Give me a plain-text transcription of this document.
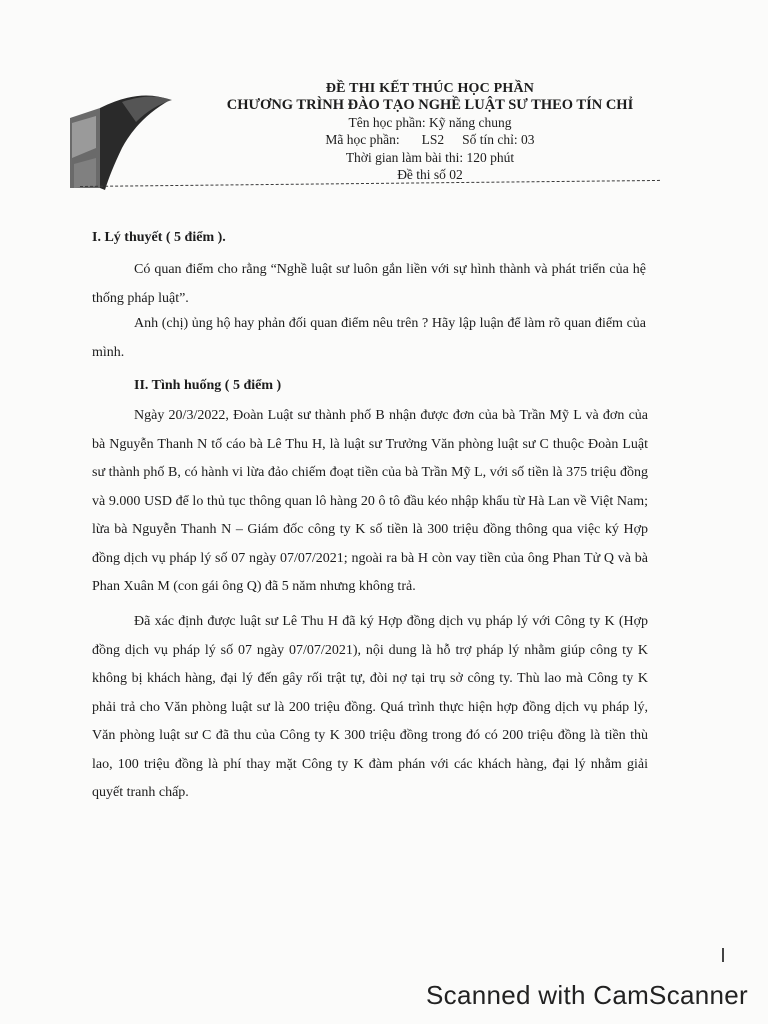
ĐỀ THI KẾT THÚC HỌC PHẦN
CHƯƠNG TRÌNH ĐÀO TẠO NGHỀ LUẬT SƯ THEO TÍN CHỈ
Tên học phần: Kỹ năng chung
Mã học phần: LS2 Số tín chỉ: 03
Thời gian làm bài thi: 120 phút
Đề thi số 02
I. Lý thuyết ( 5 điểm ).
Có quan điểm cho rằng “Nghề luật sư luôn gắn liền với sự hình thành và phát triển của hệ thống pháp luật”.
Anh (chị) ủng hộ hay phản đối quan điểm nêu trên ? Hãy lập luận để làm rõ quan điểm của mình.
II. Tình huống ( 5 điểm )
Ngày 20/3/2022, Đoàn Luật sư thành phố B nhận được đơn của bà Trần Mỹ L và đơn của bà Nguyễn Thanh N tố cáo bà Lê Thu H, là luật sư Trưởng Văn phòng luật sư C thuộc Đoàn Luật sư thành phố B, có hành vi lừa đảo chiếm đoạt tiền của bà Trần Mỹ L, với số tiền là 375 triệu đồng và 9.000 USD để lo thủ tục thông quan lô hàng 20 ô tô đầu kéo nhập khẩu từ Hà Lan về Việt Nam; lừa bà Nguyễn Thanh N – Giám đốc công ty K số tiền là 300 triệu đồng thông qua việc ký Hợp đồng dịch vụ pháp lý số 07 ngày 07/07/2021; ngoài ra bà H còn vay tiền của ông Phan Tử Q và bà Phan Xuân M (con gái ông Q) đã 5 năm nhưng không trả.
Đã xác định được luật sư Lê Thu H đã ký Hợp đồng dịch vụ pháp lý với Công ty K (Hợp đồng dịch vụ pháp lý số 07 ngày 07/07/2021), nội dung là hỗ trợ pháp lý nhằm giúp công ty K không bị khách hàng, đại lý đến gây rối trật tự, đòi nợ tại trụ sở công ty. Thù lao mà Công ty K phải trả cho Văn phòng luật sư là 200 triệu đồng. Quá trình thực hiện hợp đồng dịch vụ pháp lý, Văn phòng luật sư C đã thu của Công ty K 300 triệu đồng trong đó có 200 triệu đồng là tiền thù lao, 100 triệu đồng là phí thay mặt Công ty K đàm phán với các khách hàng, đại lý nhằm giải quyết tranh chấp.
Scanned with CamScanner
